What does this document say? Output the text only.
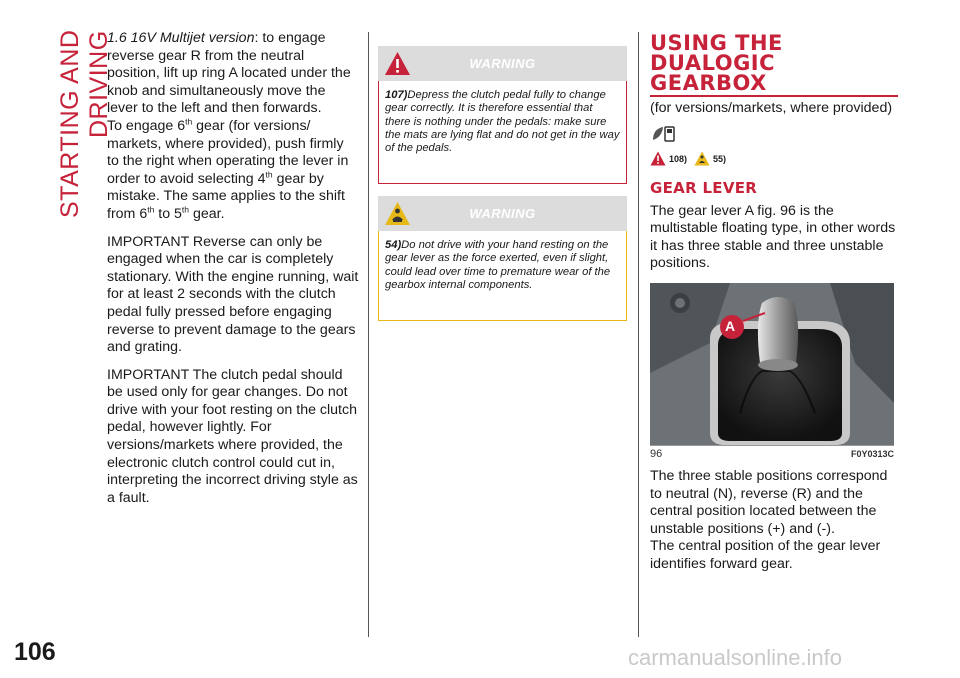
STARTING AND DRIVING
106	carmanualsonline.info

1.6 16V Multijet version: to engage reverse gear R from the neutral position, lift up ring A located under the knob and simultaneously move the lever to the left and then forwards.
To engage 6th gear (for versions/ markets, where provided), push firmly to the right when operating the lever in order to avoid selecting 4th gear by mistake. The same applies to the shift from 6th to 5th gear.

IMPORTANT Reverse can only be engaged when the car is completely stationary. With the engine running, wait for at least 2 seconds with the clutch pedal fully pressed before engaging reverse to prevent damage to the gears and grating.

IMPORTANT The clutch pedal should be used only for gear changes. Do not drive with your foot resting on the clutch pedal, however lightly. For versions/markets where provided, the electronic clutch control could cut in, interpreting the incorrect driving style as a fault.

WARNING

107)Depress the clutch pedal fully to change gear correctly. It is therefore essential that there is nothing under the pedals: make sure the mats are lying flat and do not get in the way of the pedals.

WARNING

54)Do not drive with your hand resting on the gear lever as the force exerted, even if slight, could lead over time to premature wear of the gearbox internal components.

USING THE
DUALOGIC
GEARBOX

(for versions/markets, where provided)

108)	55)
GEAR LEVER

The gear lever A fig. 96 is the multistable floating type, in other words it has three stable and three unstable positions.

A
96	F0Y0313C

The three stable positions correspond to neutral (N), reverse (R) and the central position located between the unstable positions (+) and (-).

The central position of the gear lever identifies forward gear.
